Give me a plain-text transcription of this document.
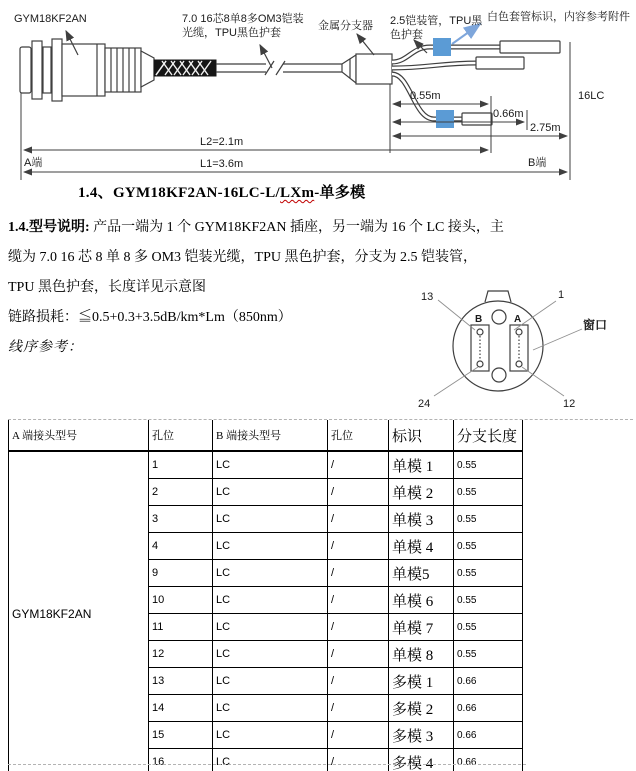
GYM18KF2AN	7.0 16芯8单8多OM3铠装
光缆，TPU黑色护套
金属分支器 2.5铠装管，TPU黑
色护套
白色套管标识，内容参考附件
0.55m
0.66m
2.75m
L2=2.1m
L1=3.6m
A端	B端
16LC
1.4、GYM18KF2AN-16LC-L/LXm-单多模
1.4.型号说明: 产品一端为 1 个 GYM18KF2AN 插座，另一端为 16 个 LC 接头，主
缆为 7.0 16 芯 8 单 8 多 OM3 铠装光缆，TPU 黑色护套，分支为 2.5 铠装管，
TPU 黑色护套，长度详见示意图
链路损耗：≦0.5+0.3+3.5dB/km*Lm（850nm）
线序参考：
B	A
13	1
24	12
窗口
A 端接头型号	孔位	B 端接头型号	孔位	标识	分支长度
GYM18KF2AN	1	LC	/	单模 1	0.55
	2	LC	/	单模 2	0.55
	3	LC	/	单模 3	0.55
	4	LC	/	单模 4	0.55
	9	LC	/	单模5	0.55
	10	LC	/	单模 6	0.55
	11	LC	/	单模 7	0.55
	12	LC	/	单模 8	0.55
	13	LC	/	多模 1	0.66
	14	LC	/	多模 2	0.66
	15	LC	/	多模 3	0.66
	16	LC	/	多模 4	0.66
